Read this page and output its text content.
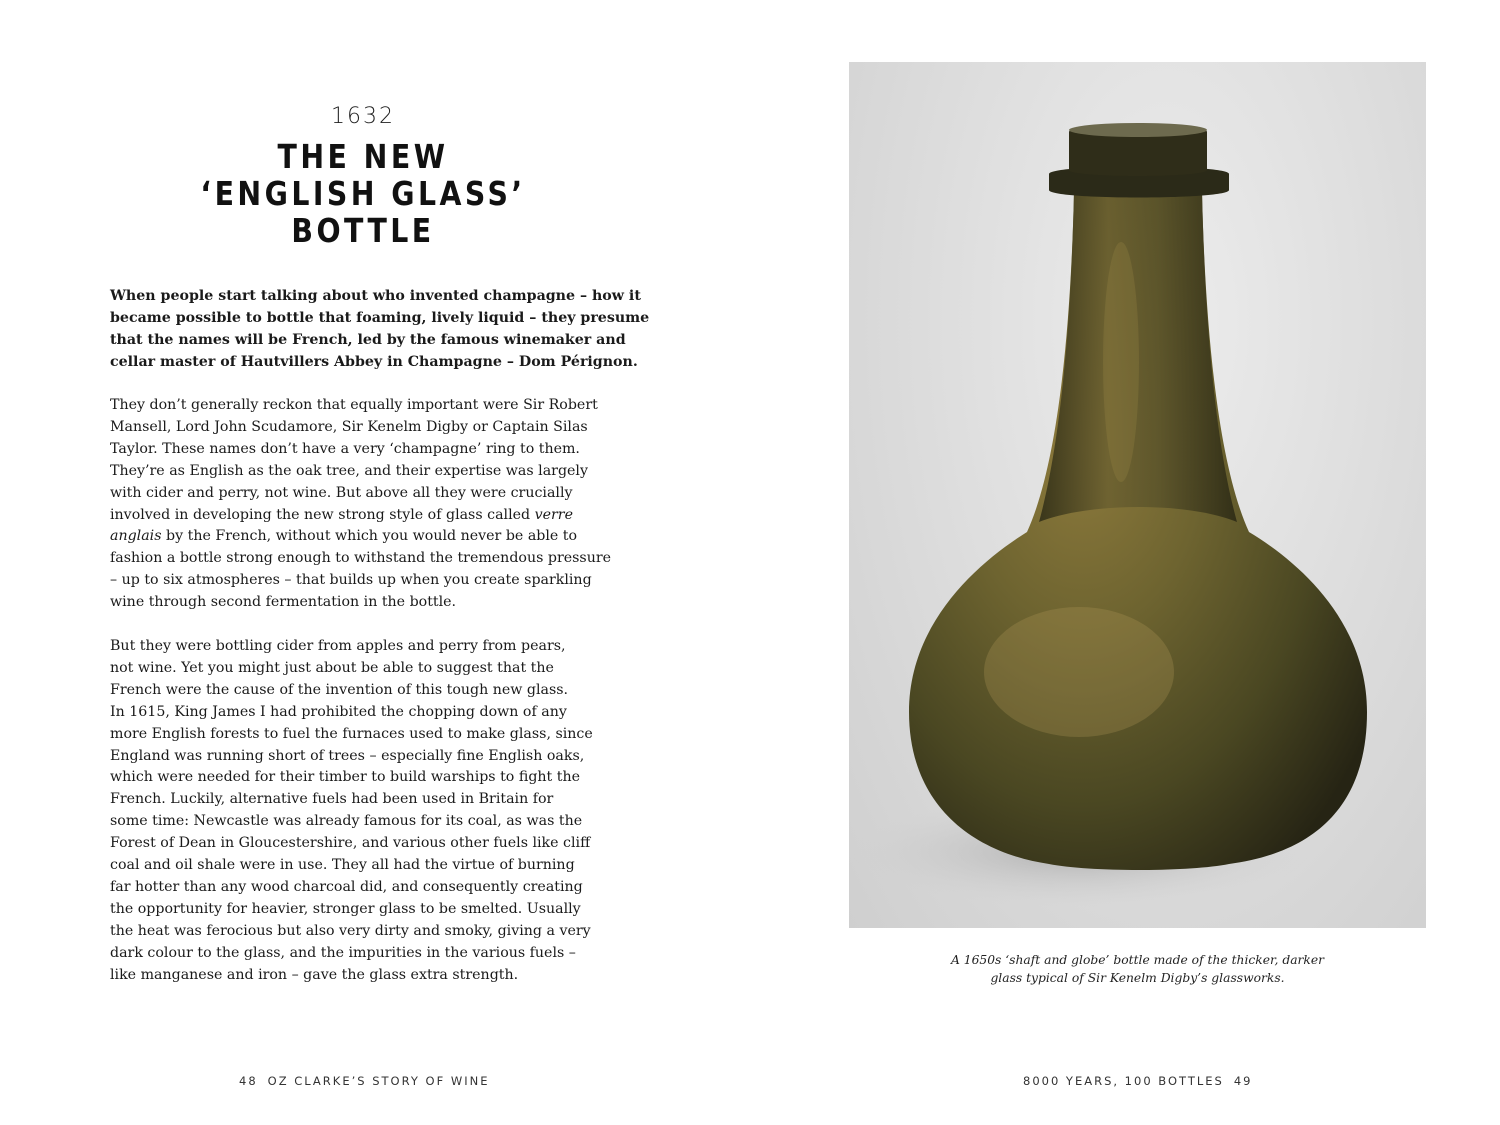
1632
THE NEW
‘ENGLISH GLASS’
BOTTLE
When people start talking about who invented champagne – how it
became possible to bottle that foaming, lively liquid – they presume
that the names will be French, led by the famous winemaker and
cellar master of Hautvillers Abbey in Champagne – Dom Pérignon.
They don’t generally reckon that equally important were Sir Robert
Mansell, Lord John Scudamore, Sir Kenelm Digby or Captain Silas
Taylor. These names don’t have a very ‘champagne’ ring to them.
They’re as English as the oak tree, and their expertise was largely
with cider and perry, not wine. But above all they were crucially
involved in developing the new strong style of glass called verre
anglais by the French, without which you would never be able to
fashion a bottle strong enough to withstand the tremendous pressure
– up to six atmospheres – that builds up when you create sparkling
wine through second fermentation in the bottle.
But they were bottling cider from apples and perry from pears,
not wine. Yet you might just about be able to suggest that the
French were the cause of the invention of this tough new glass.
In 1615, King James I had prohibited the chopping down of any
more English forests to fuel the furnaces used to make glass, since
England was running short of trees – especially fine English oaks,
which were needed for their timber to build warships to fight the
French. Luckily, alternative fuels had been used in Britain for
some time: Newcastle was already famous for its coal, as was the
Forest of Dean in Gloucestershire, and various other fuels like cliff
coal and oil shale were in use. They all had the virtue of burning
far hotter than any wood charcoal did, and consequently creating
the opportunity for heavier, stronger glass to be smelted. Usually
the heat was ferocious but also very dirty and smoky, giving a very
dark colour to the glass, and the impurities in the various fuels –
like manganese and iron – gave the glass extra strength.
48 OZ CLARKE’S STORY OF WINE
A 1650s ‘shaft and globe’ bottle made of the thicker, darker
glass typical of Sir Kenelm Digby’s glassworks.
8000 YEARS, 100 BOTTLES 49
